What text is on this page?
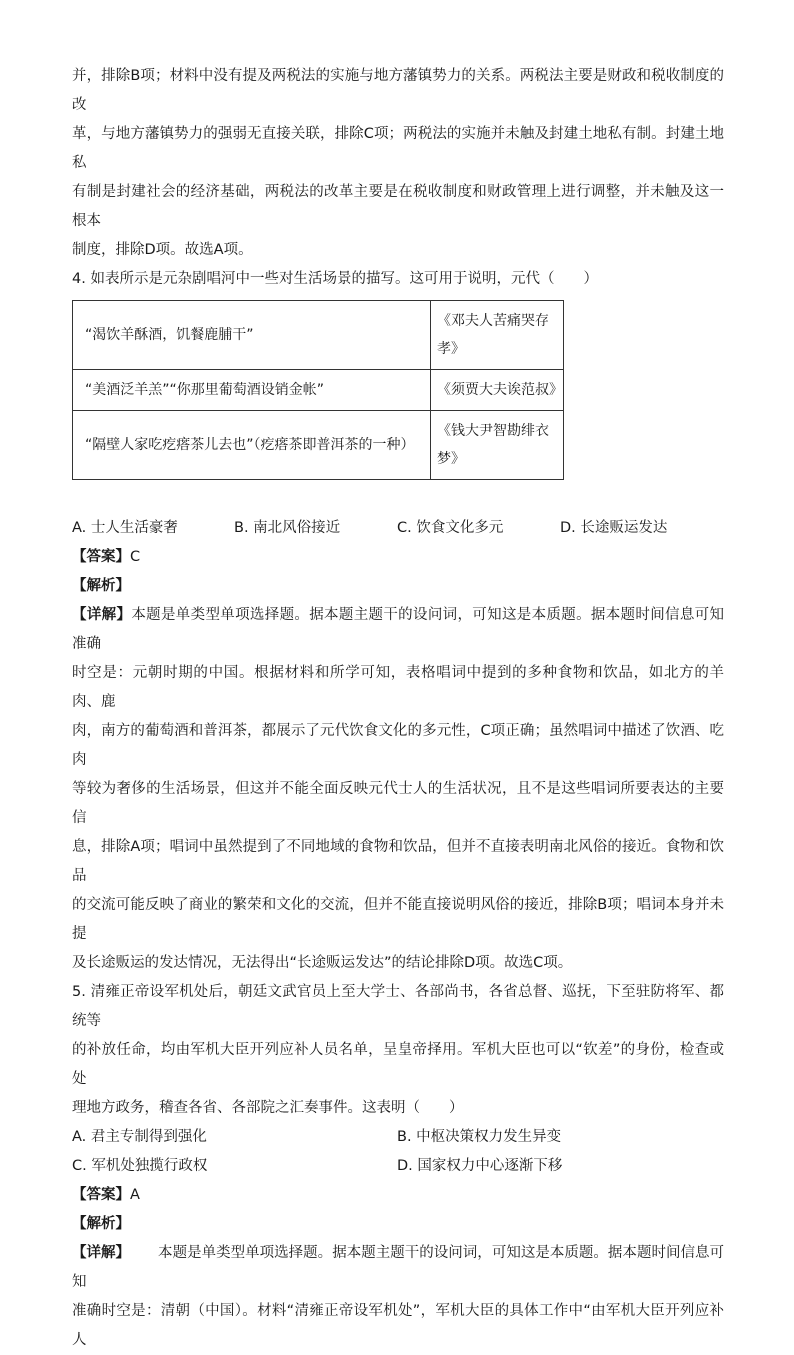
并，排除B项；材料中没有提及两税法的实施与地方藩镇势力的关系。两税法主要是财政和税收制度的改

革，与地方藩镇势力的强弱无直接关联，排除C项；两税法的实施并未触及封建土地私有制。封建土地私

有制是封建社会的经济基础，两税法的改革主要是在税收制度和财政管理上进行调整，并未触及这一根本

制度，排除D项。故选A项。

4. 如表所示是元杂剧唱河中一些对生活场景的描写。这可用于说明，元代（　　）

“渴饮羊酥酒，饥餐鹿脯干”	《邓夫人苦痛哭存孝》
“美酒泛羊羔”“你那里葡萄酒设销金帐”	《须贾大夫诶范叔》
“隔壁人家吃疙瘩茶儿去也”（疙瘩茶即普洱茶的一种）	《钱大尹智勘绯衣梦》
A. 士人生活豪奢	B. 南北风俗接近	C. 饮食文化多元	D. 长途贩运发达

【答案】C

【解析】

【详解】本题是单类型单项选择题。据本题主题干的设问词，可知这是本质题。据本题时间信息可知准确

时空是：元朝时期的中国。根据材料和所学可知，表格唱词中提到的多种食物和饮品，如北方的羊肉、鹿

肉，南方的葡萄酒和普洱茶，都展示了元代饮食文化的多元性，C项正确；虽然唱词中描述了饮酒、吃肉

等较为奢侈的生活场景，但这并不能全面反映元代士人的生活状况，且不是这些唱词所要表达的主要信

息，排除A项；唱词中虽然提到了不同地域的食物和饮品，但并不直接表明南北风俗的接近。食物和饮品

的交流可能反映了商业的繁荣和文化的交流，但并不能直接说明风俗的接近，排除B项；唱词本身并未提

及长途贩运的发达情况，无法得出“长途贩运发达”的结论排除D项。故选C项。

5. 清雍正帝设军机处后，朝廷文武官员上至大学士、各部尚书，各省总督、巡抚，下至驻防将军、都统等

的补放任命，均由军机大臣开列应补人员名单，呈皇帝择用。军机大臣也可以“钦差”的身份，检查或处

理地方政务，稽查各省、各部院之汇奏事件。这表明（　　）

A. 君主专制得到强化	B. 中枢决策权力发生异变
C. 军机处独揽行政权	D. 国家权力中心逐渐下移

【答案】A

【解析】

【详解】 本题是单类型单项选择题。据本题主题干的设问词，可知这是本质题。据本题时间信息可知

准确时空是：清朝（中国）。材料“清雍正帝设军机处”，军机大臣的具体工作中“由军机大臣开列应补人
